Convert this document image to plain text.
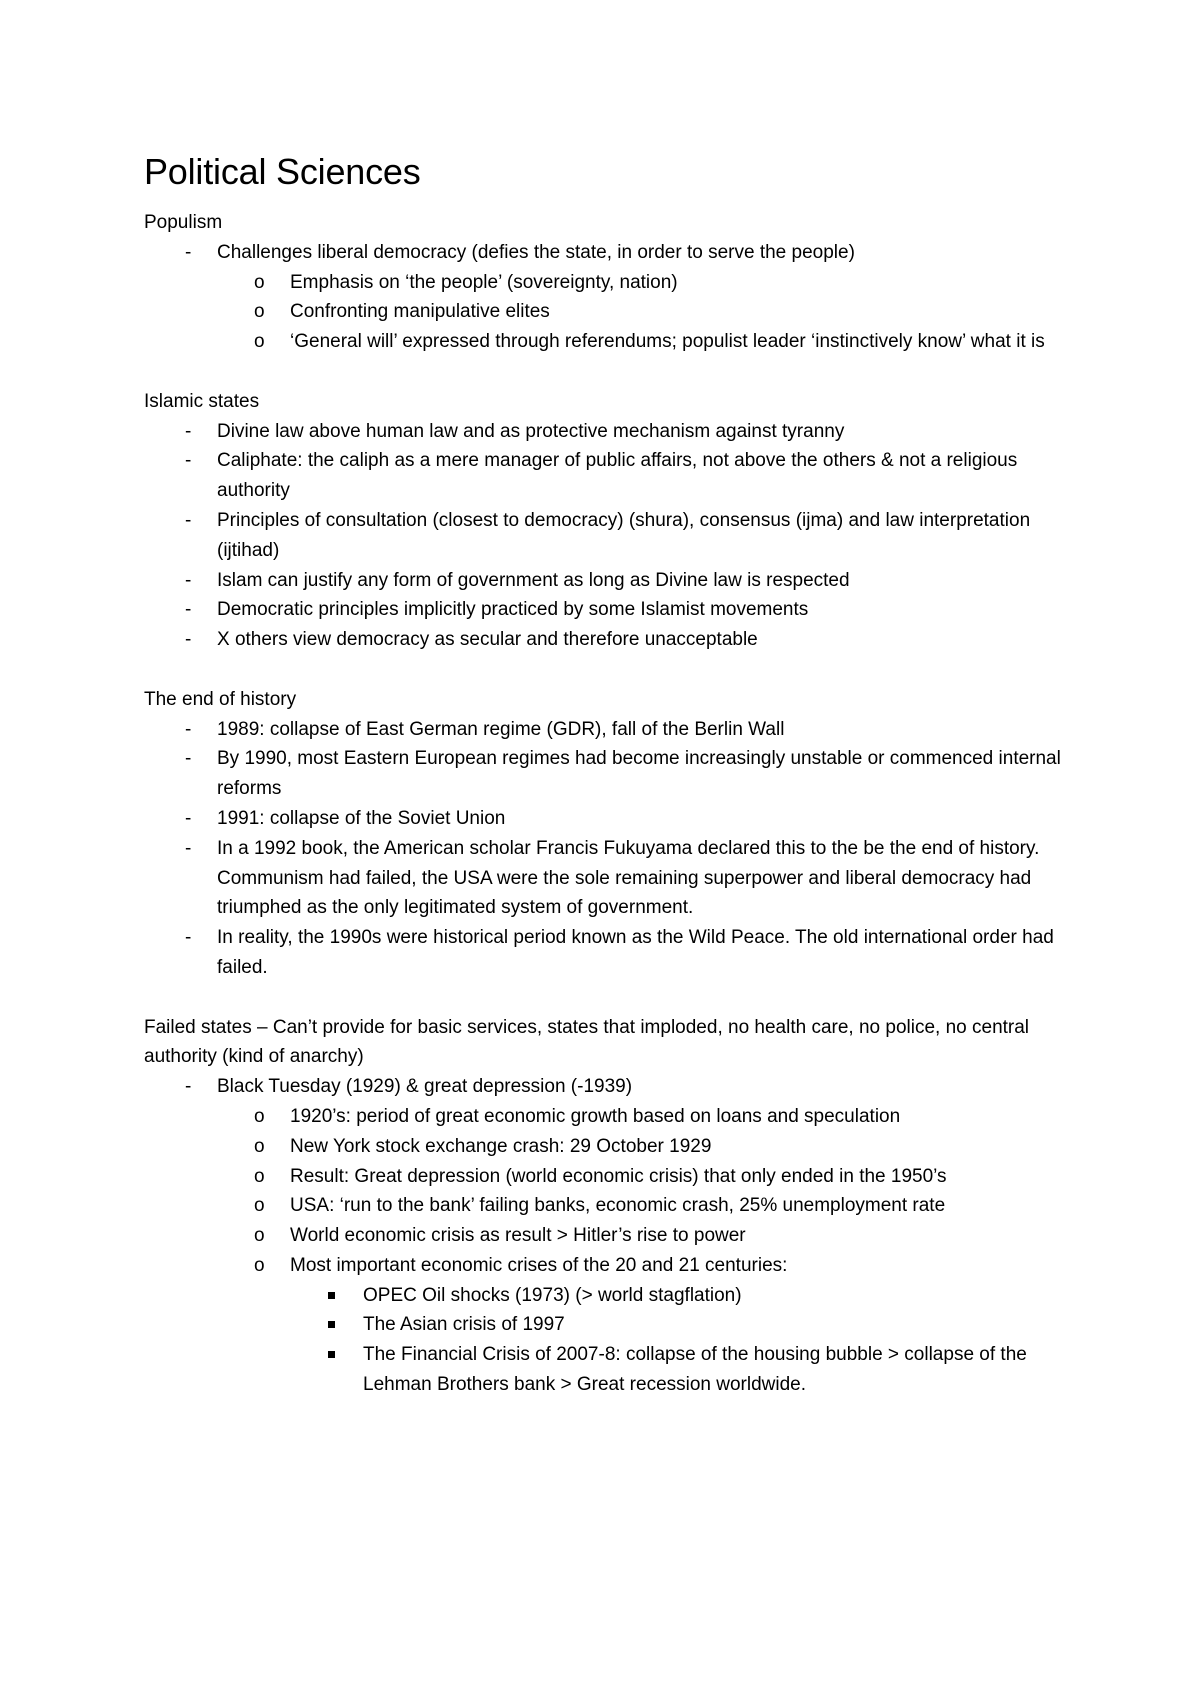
Political Sciences

Populism

- Challenges liberal democracy (defies the state, in order to serve the people)
o Emphasis on ‘the people’ (sovereignty, nation)
o Confronting manipulative elites
o ‘General will’ expressed through referendums; populist leader ‘instinctively know’ what it is

Islamic states

- Divine law above human law and as protective mechanism against tyranny
- Caliphate: the caliph as a mere manager of public affairs, not above the others & not a religious authority
- Principles of consultation (closest to democracy) (shura), consensus (ijma) and law interpretation (ijtihad)
- Islam can justify any form of government as long as Divine law is respected
- Democratic principles implicitly practiced by some Islamist movements
- X others view democracy as secular and therefore unacceptable

The end of history

- 1989: collapse of East German regime (GDR), fall of the Berlin Wall
- By 1990, most Eastern European regimes had become increasingly unstable or commenced internal reforms
- 1991: collapse of the Soviet Union
- In a 1992 book, the American scholar Francis Fukuyama declared this to the be the end of history. Communism had failed, the USA were the sole remaining superpower and liberal democracy had triumphed as the only legitimated system of government.
- In reality, the 1990s were historical period known as the Wild Peace. The old international order had failed.

Failed states – Can’t provide for basic services, states that imploded, no health care, no police, no central authority (kind of anarchy)

- Black Tuesday (1929) & great depression (-1939)
o 1920’s: period of great economic growth based on loans and speculation
o New York stock exchange crash: 29 October 1929
o Result: Great depression (world economic crisis) that only ended in the 1950’s
o USA: ‘run to the bank’ failing banks, economic crash, 25% unemployment rate
o World economic crisis as result > Hitler’s rise to power
o Most important economic crises of the 20 and 21 centuries:
OPEC Oil shocks (1973) (> world stagflation)
The Asian crisis of 1997
The Financial Crisis of 2007-8: collapse of the housing bubble > collapse of the Lehman Brothers bank > Great recession worldwide.
